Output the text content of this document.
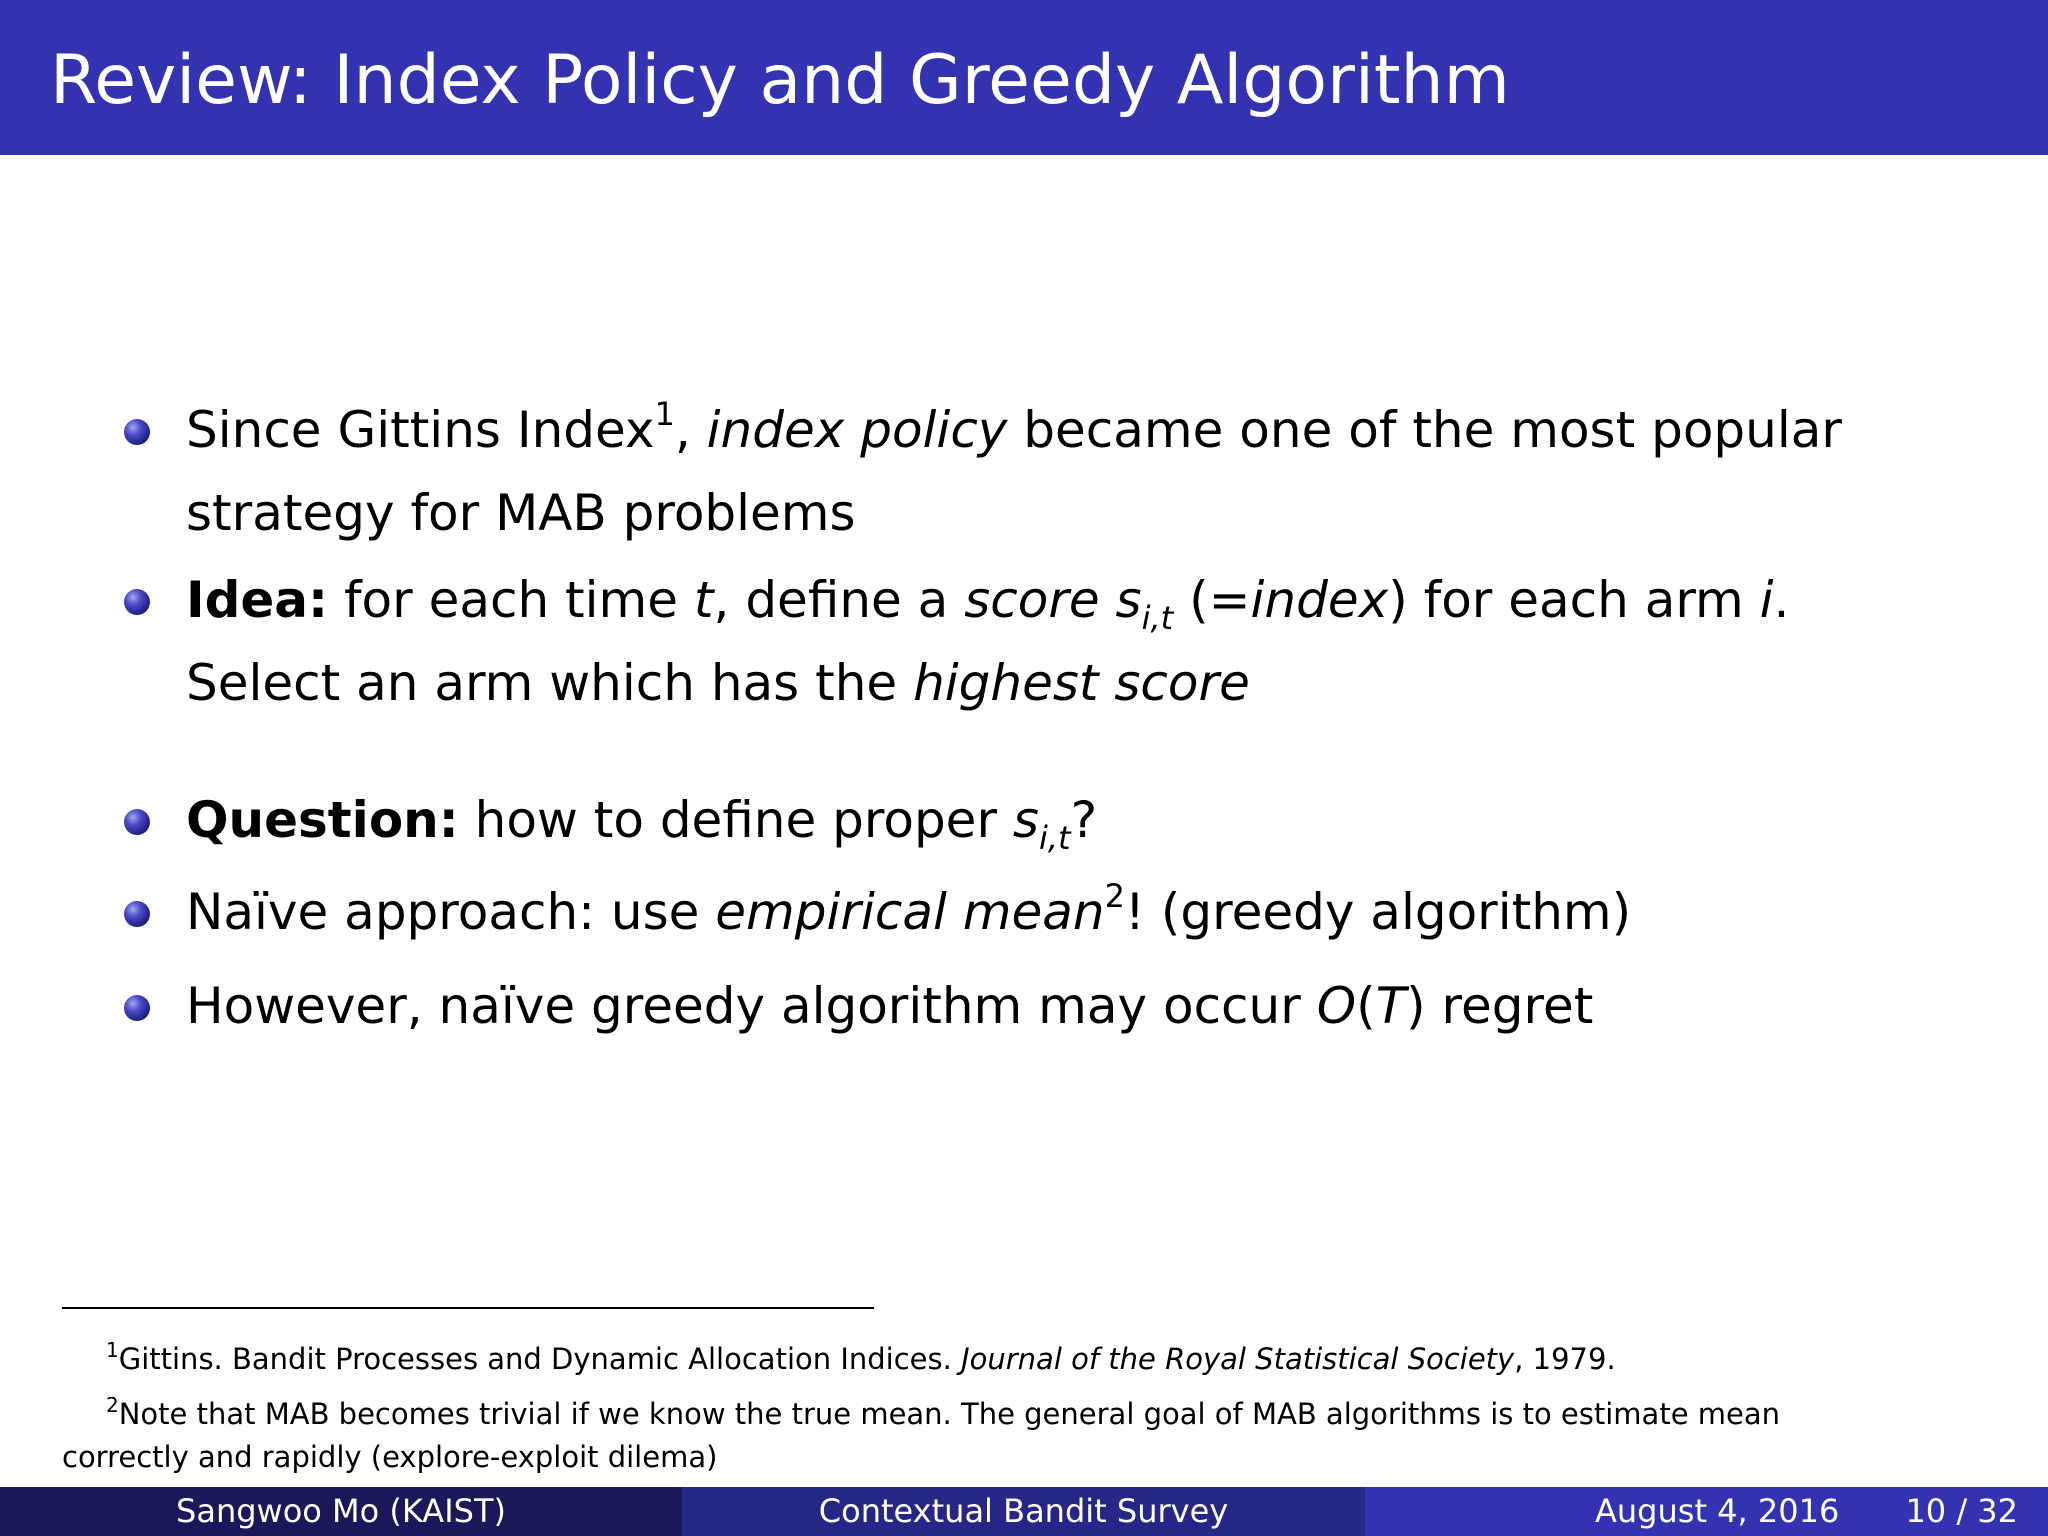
Review: Index Policy and Greedy Algorithm
Since Gittins Index$^1$, index policy became one of the most popular
strategy for MAB problems
Idea: for each time t, define a score $s_{i,t}$ (=index) for each arm i.
Select an arm which has the highest score
Question: how to define proper $s_{i,t}$?
Naïve approach: use empirical mean$^2$! (greedy algorithm)
However, naïve greedy algorithm may occur O(T) regret
$^1$Gittins. Bandit Processes and Dynamic Allocation Indices. Journal of the Royal Statistical Society, 1979.
$^2$Note that MAB becomes trivial if we know the true mean. The general goal of MAB algorithms is to estimate mean
correctly and rapidly (explore-exploit dilema)
Sangwoo Mo (KAIST)	Contextual Bandit Survey	August 4, 2016 10 / 32
